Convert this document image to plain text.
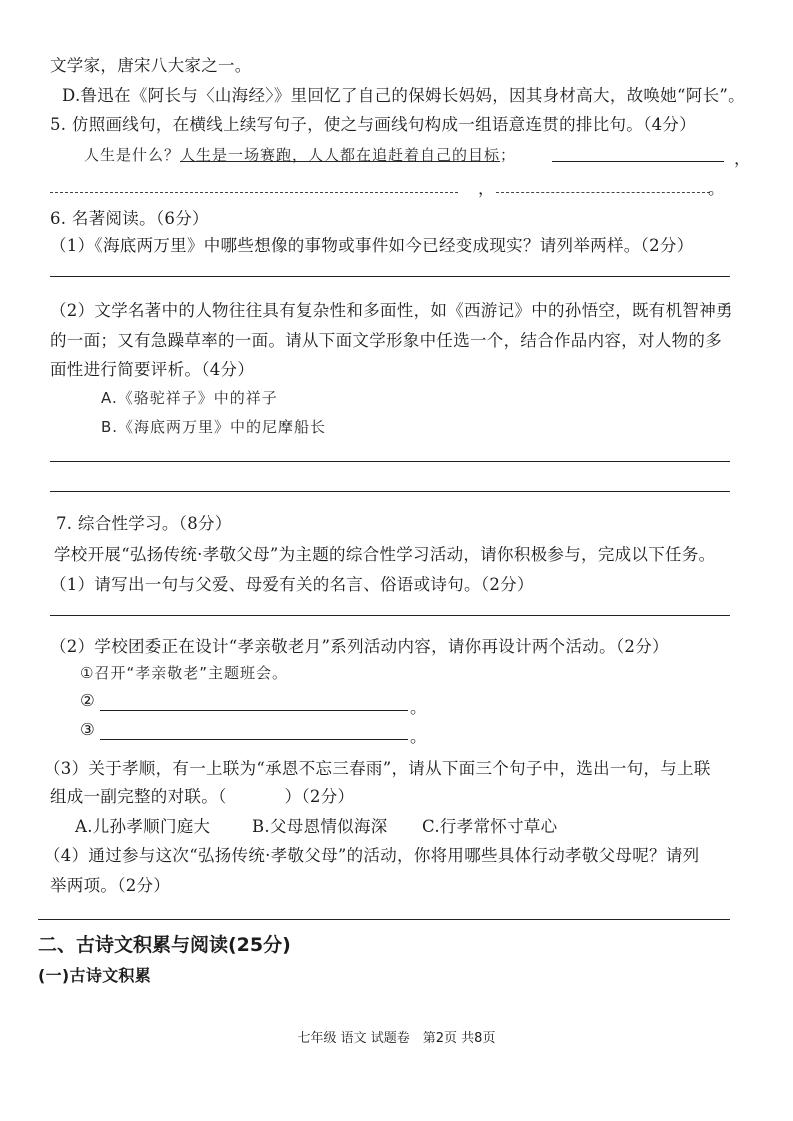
文学家，唐宋八大家之一。
D.鲁迅在《阿长与〈山海经〉》里回忆了自己的保姆长妈妈，因其身材高大，故唤她“阿长”。
5. 仿照画线句，在横线上续写句子，使之与画线句构成一组语意连贯的排比句。（4分）
人生是什么？人生是一场赛跑，人人都在追赶着自己的目标；	，
，	。
6. 名著阅读。（6分）
（1）《海底两万里》中哪些想像的事物或事件如今已经变成现实？请列举两样。（2分）
（2）文学名著中的人物往往具有复杂性和多面性，如《西游记》中的孙悟空，既有机智神勇
的一面；又有急躁草率的一面。请从下面文学形象中任选一个，结合作品内容，对人物的多
面性进行简要评析。（4分）
A.《骆驼祥子》中的祥子
B.《海底两万里》中的尼摩船长
7. 综合性学习。（8分）
学校开展“弘扬传统·孝敬父母”为主题的综合性学习活动，请你积极参与，完成以下任务。
（1）请写出一句与父爱、母爱有关的名言、俗语或诗句。（2分）
（2）学校团委正在设计“孝亲敬老月”系列活动内容，请你再设计两个活动。（2分）
①召开“孝亲敬老”主题班会。
②	。
③	。
（3）关于孝顺，有一上联为“承恩不忘三春雨”，请从下面三个句子中，选出一句，与上联
组成一副完整的对联。（	）（2分）
A.儿孙孝顺门庭大	B.父母恩情似海深 C.行孝常怀寸草心
（4）通过参与这次“弘扬传统·孝敬父母”的活动，你将用哪些具体行动孝敬父母呢？请列
举两项。（2分）
二、古诗文积累与阅读(25分)
(一)古诗文积累
七年级 语文 试题卷　第2页 共8页
